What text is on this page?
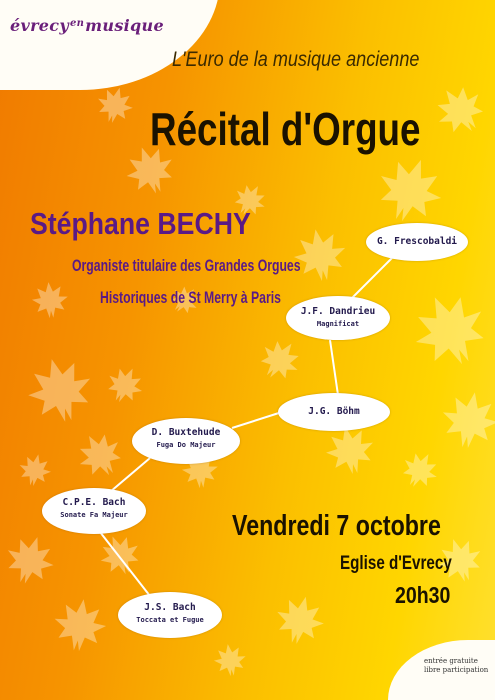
évrecy$^{en}$musique
L'Euro de la musique ancienne
Récital d'Orgue
Stéphane BECHY
Organiste titulaire des Grandes Orgues
Historiques de St Merry à Paris
G. Frescobaldi
J.F. Dandrieu
Magnificat
J.G. Böhm
D. Buxtehude
Fuga Do Majeur
C.P.E. Bach
Sonate Fa Majeur
J.S. Bach
Toccata et Fugue
Vendredi 7 octobre
Eglise d'Evrecy
20h30
entrée gratuite
libre participation
